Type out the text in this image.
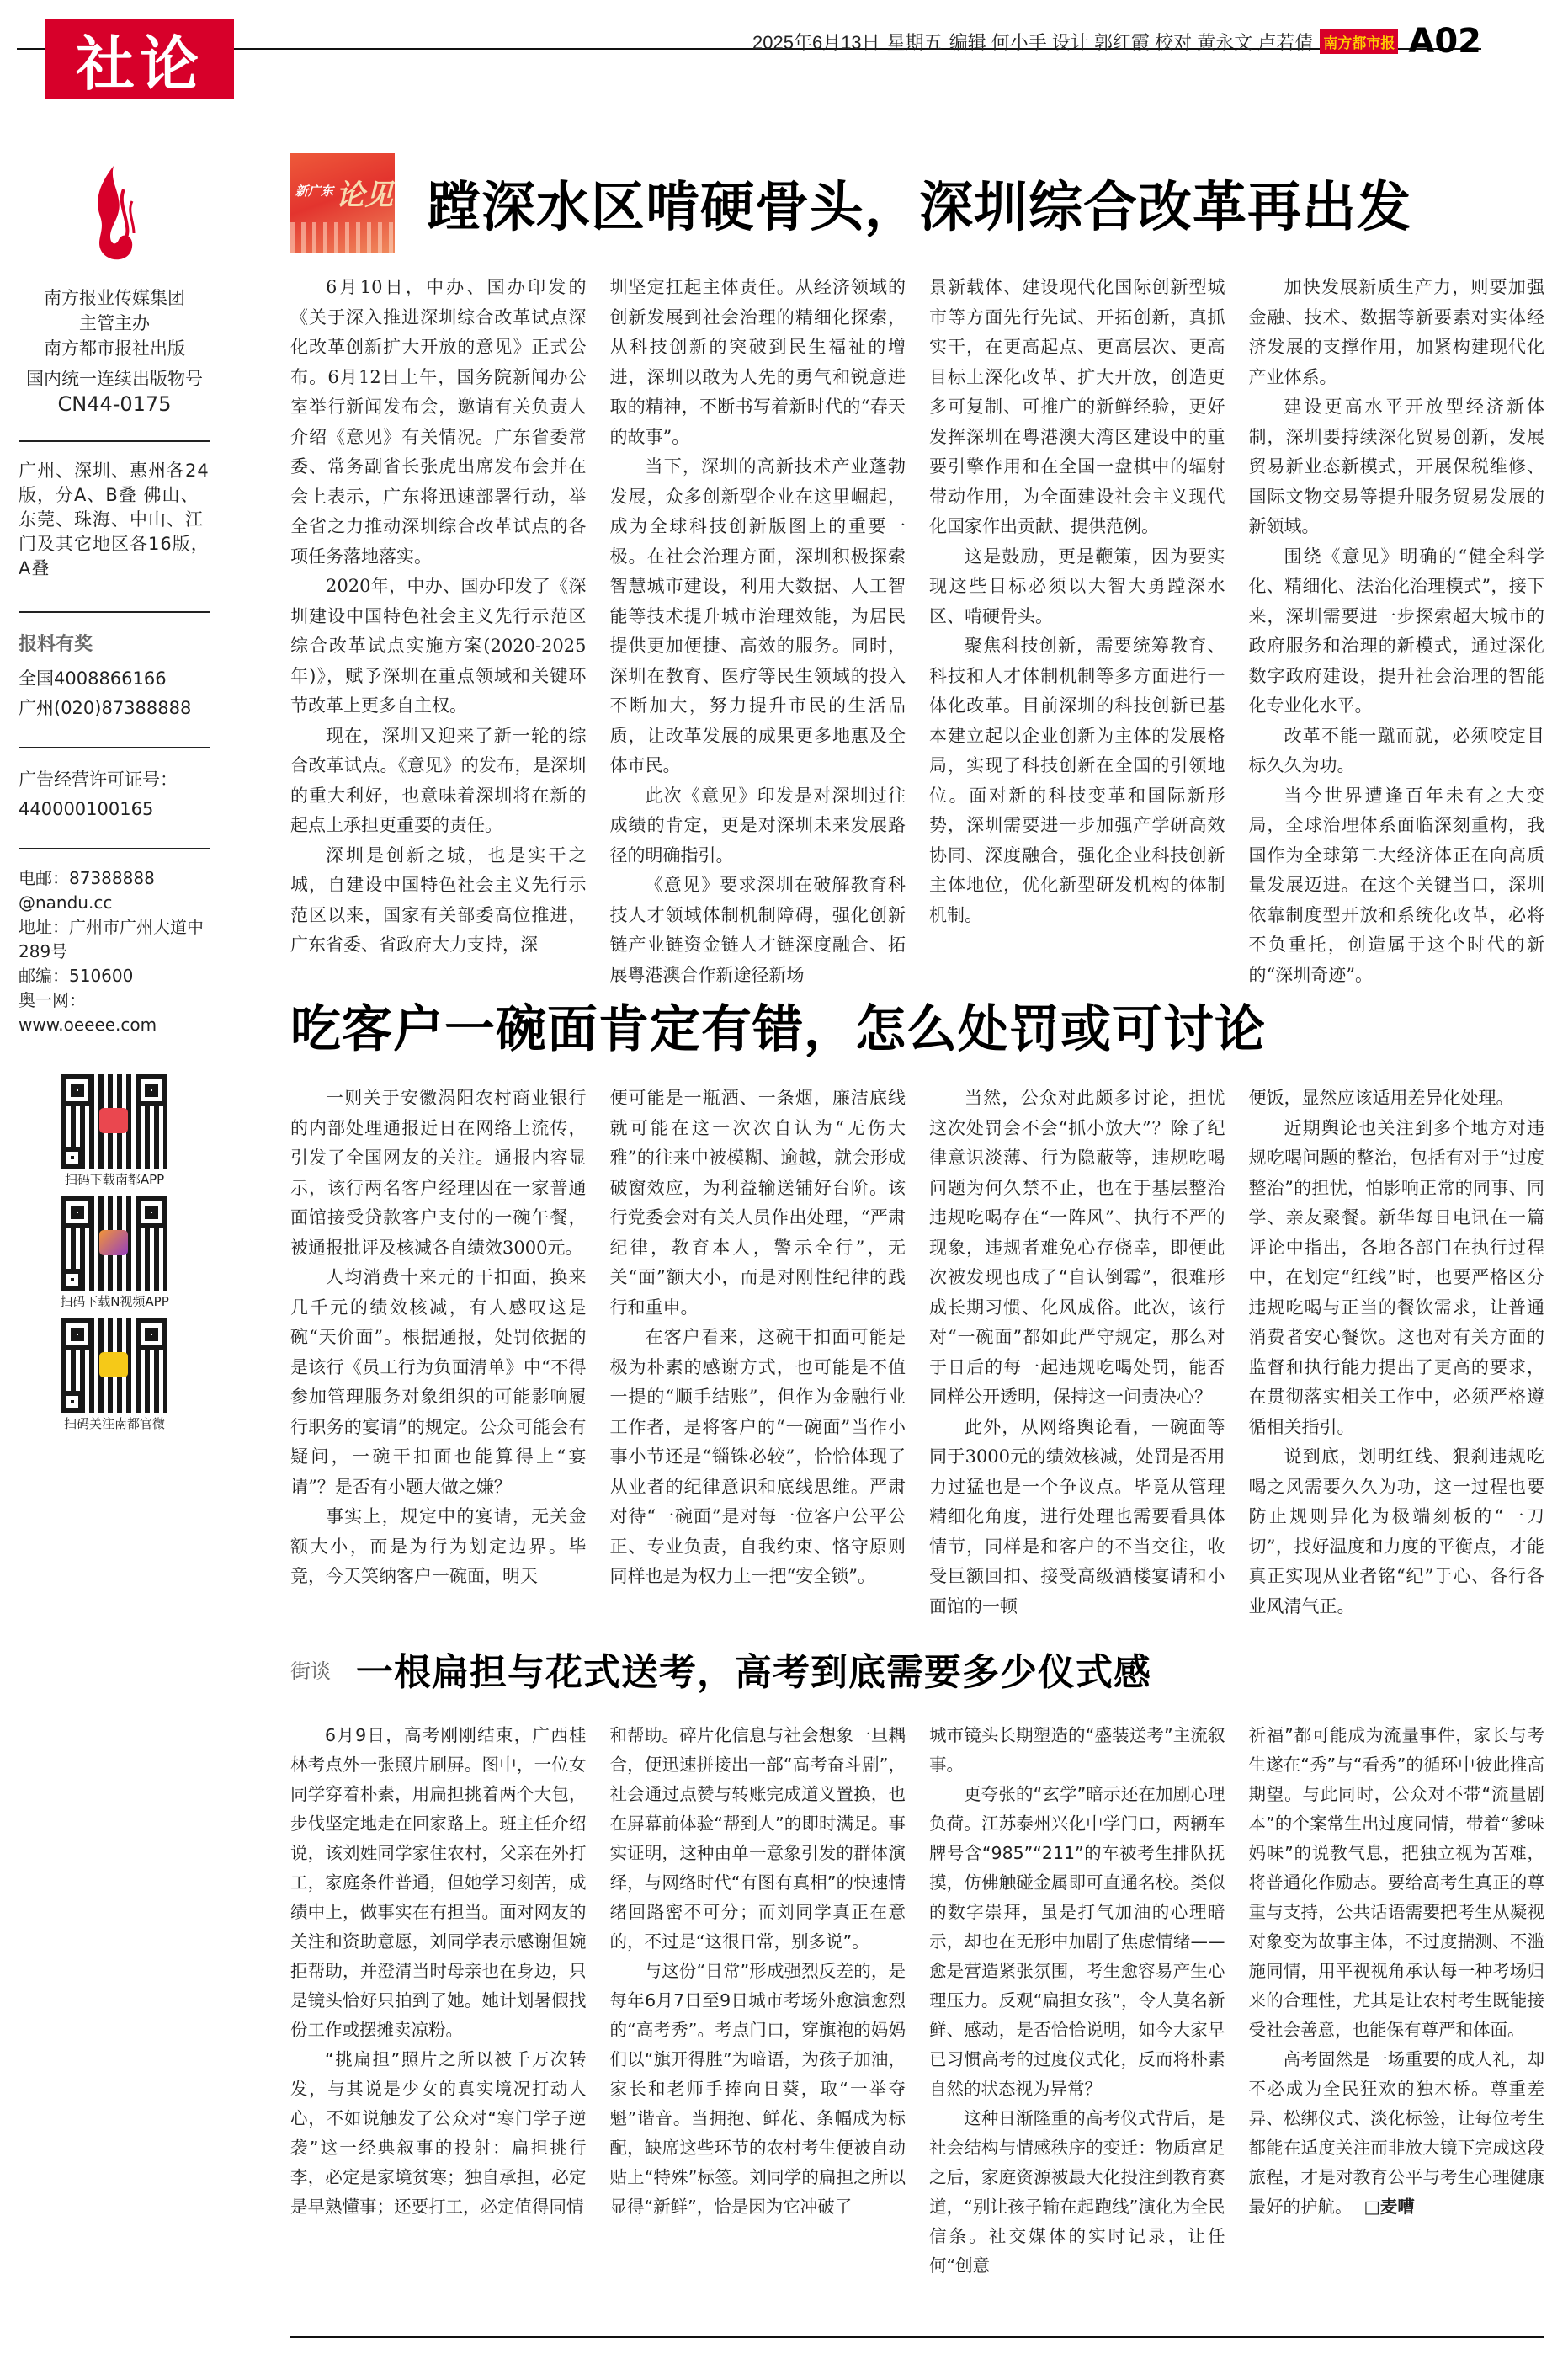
社论	2025年6月13日 星期五 编辑 何小手 设计 郭红霞 校对 黄永文 卢若倩 南方都市报 A02
南方报业传媒集团
主管主办
南方都市报社出版
国内统一连续出版物号
CN44-0175
广州、深圳、惠州各24版，分A、B叠 佛山、东莞、珠海、中山、江门及其它地区各16版，A叠
报料有奖
全国4008866166
广州(020)87388888
广告经营许可证号：
440000100165
电邮：87388888
@nandu.cc
地址：广州市广州大道中289号
邮编：510600
奥一网：
www.oeeee.com
扫码下载南都APP
扫码下载N视频APP
扫码关注南都官微
新广东 论见 蹚深水区啃硬骨头，深圳综合改革再出发

6月10日，中办、国办印发的《关于深入推进深圳综合改革试点深化改革创新扩大开放的意见》正式公布。6月12日上午，国务院新闻办公室举行新闻发布会，邀请有关负责人介绍《意见》有关情况。广东省委常委、常务副省长张虎出席发布会并在会上表示，广东将迅速部署行动，举全省之力推动深圳综合改革试点的各项任务落地落实。

2020年，中办、国办印发了《深圳建设中国特色社会主义先行示范区综合改革试点实施方案(2020-2025年)》，赋予深圳在重点领域和关键环节改革上更多自主权。

现在，深圳又迎来了新一轮的综合改革试点。《意见》的发布，是深圳的重大利好，也意味着深圳将在新的起点上承担更重要的责任。

深圳是创新之城，也是实干之城，自建设中国特色社会主义先行示范区以来，国家有关部委高位推进，广东省委、省政府大力支持，深

圳坚定扛起主体责任。从经济领域的创新发展到社会治理的精细化探索，从科技创新的突破到民生福祉的增进，深圳以敢为人先的勇气和锐意进取的精神，不断书写着新时代的“春天的故事”。

当下，深圳的高新技术产业蓬勃发展，众多创新型企业在这里崛起，成为全球科技创新版图上的重要一极。在社会治理方面，深圳积极探索智慧城市建设，利用大数据、人工智能等技术提升城市治理效能，为居民提供更加便捷、高效的服务。同时，深圳在教育、医疗等民生领域的投入不断加大，努力提升市民的生活品质，让改革发展的成果更多地惠及全体市民。

此次《意见》印发是对深圳过往成绩的肯定，更是对深圳未来发展路径的明确指引。

《意见》要求深圳在破解教育科技人才领域体制机制障碍，强化创新链产业链资金链人才链深度融合、拓展粤港澳合作新途径新场

景新载体、建设现代化国际创新型城市等方面先行先试、开拓创新，真抓实干，在更高起点、更高层次、更高目标上深化改革、扩大开放，创造更多可复制、可推广的新鲜经验，更好发挥深圳在粤港澳大湾区建设中的重要引擎作用和在全国一盘棋中的辐射带动作用，为全面建设社会主义现代化国家作出贡献、提供范例。

这是鼓励，更是鞭策，因为要实现这些目标必须以大智大勇蹚深水区、啃硬骨头。

聚焦科技创新，需要统筹教育、科技和人才体制机制等多方面进行一体化改革。目前深圳的科技创新已基本建立起以企业创新为主体的发展格局，实现了科技创新在全国的引领地位。面对新的科技变革和国际新形势，深圳需要进一步加强产学研高效协同、深度融合，强化企业科技创新主体地位，优化新型研发机构的体制机制。

加快发展新质生产力，则要加强金融、技术、数据等新要素对实体经济发展的支撑作用，加紧构建现代化产业体系。

建设更高水平开放型经济新体制，深圳要持续深化贸易创新，发展贸易新业态新模式，开展保税维修、国际文物交易等提升服务贸易发展的新领域。

围绕《意见》明确的“健全科学化、精细化、法治化治理模式”，接下来，深圳需要进一步探索超大城市的政府服务和治理的新模式，通过深化数字政府建设，提升社会治理的智能化专业化水平。

改革不能一蹴而就，必须咬定目标久久为功。

当今世界遭逢百年未有之大变局，全球治理体系面临深刻重构，我国作为全球第二大经济体正在向高质量发展迈进。在这个关键当口，深圳依靠制度型开放和系统化改革，必将不负重托，创造属于这个时代的新的“深圳奇迹”。

吃客户一碗面肯定有错，怎么处罚或可讨论

一则关于安徽涡阳农村商业银行的内部处理通报近日在网络上流传，引发了全国网友的关注。通报内容显示，该行两名客户经理因在一家普通面馆接受贷款客户支付的一碗午餐，被通报批评及核减各自绩效3000元。

人均消费十来元的干扣面，换来几千元的绩效核减，有人感叹这是碗“天价面”。根据通报，处罚依据的是该行《员工行为负面清单》中“不得参加管理服务对象组织的可能影响履行职务的宴请”的规定。公众可能会有疑问，一碗干扣面也能算得上“宴请”？是否有小题大做之嫌？

事实上，规定中的宴请，无关金额大小，而是为行为划定边界。毕竟，今天笑纳客户一碗面，明天

便可能是一瓶酒、一条烟，廉洁底线就可能在这一次次自认为“无伤大雅”的往来中被模糊、逾越，就会形成破窗效应，为利益输送铺好台阶。该行党委会对有关人员作出处理，“严肃纪律，教育本人，警示全行”，无关“面”额大小，而是对刚性纪律的践行和重申。

在客户看来，这碗干扣面可能是极为朴素的感谢方式，也可能是不值一提的“顺手结账”，但作为金融行业工作者，是将客户的“一碗面”当作小事小节还是“锱铢必较”，恰恰体现了从业者的纪律意识和底线思维。严肃对待“一碗面”是对每一位客户公平公正、专业负责，自我约束、恪守原则同样也是为权力上一把“安全锁”。

当然，公众对此颇多讨论，担忧这次处罚会不会“抓小放大”？除了纪律意识淡薄、行为隐蔽等，违规吃喝问题为何久禁不止，也在于基层整治违规吃喝存在“一阵风”、执行不严的现象，违规者难免心存侥幸，即便此次被发现也成了“自认倒霉”，很难形成长期习惯、化风成俗。此次，该行对“一碗面”都如此严守规定，那么对于日后的每一起违规吃喝处罚，能否同样公开透明，保持这一问责决心？

此外，从网络舆论看，一碗面等同于3000元的绩效核减，处罚是否用力过猛也是一个争议点。毕竟从管理精细化角度，进行处理也需要看具体情节，同样是和客户的不当交往，收受巨额回扣、接受高级酒楼宴请和小面馆的一顿

便饭，显然应该适用差异化处理。

近期舆论也关注到多个地方对违规吃喝问题的整治，包括有对于“过度整治”的担忧，怕影响正常的同事、同学、亲友聚餐。新华每日电讯在一篇评论中指出，各地各部门在执行过程中，在划定“红线”时，也要严格区分违规吃喝与正当的餐饮需求，让普通消费者安心餐饮。这也对有关方面的监督和执行能力提出了更高的要求，在贯彻落实相关工作中，必须严格遵循相关指引。

说到底，划明红线、狠刹违规吃喝之风需要久久为功，这一过程也要防止规则异化为极端刻板的“一刀切”，找好温度和力度的平衡点，才能真正实现从业者铭“纪”于心、各行各业风清气正。

街谈 一根扁担与花式送考，高考到底需要多少仪式感

6月9日，高考刚刚结束，广西桂林考点外一张照片刷屏。图中，一位女同学穿着朴素，用扁担挑着两个大包，步伐坚定地走在回家路上。班主任介绍说，该刘姓同学家住农村，父亲在外打工，家庭条件普通，但她学习刻苦，成绩中上，做事实在有担当。面对网友的关注和资助意愿，刘同学表示感谢但婉拒帮助，并澄清当时母亲也在身边，只是镜头恰好只拍到了她。她计划暑假找份工作或摆摊卖凉粉。

“挑扁担”照片之所以被千万次转发，与其说是少女的真实境况打动人心，不如说触发了公众对“寒门学子逆袭”这一经典叙事的投射：扁担挑行李，必定是家境贫寒；独自承担，必定是早熟懂事；还要打工，必定值得同情

和帮助。碎片化信息与社会想象一旦耦合，便迅速拼接出一部“高考奋斗剧”，社会通过点赞与转账完成道义置换，也在屏幕前体验“帮到人”的即时满足。事实证明，这种由单一意象引发的群体演绎，与网络时代“有图有真相”的快速情绪回路密不可分；而刘同学真正在意的，不过是“这很日常，别多说”。

与这份“日常”形成强烈反差的，是每年6月7日至9日城市考场外愈演愈烈的“高考秀”。考点门口，穿旗袍的妈妈们以“旗开得胜”为暗语，为孩子加油，家长和老师手捧向日葵，取“一举夺魁”谐音。当拥抱、鲜花、条幅成为标配，缺席这些环节的农村考生便被自动贴上“特殊”标签。刘同学的扁担之所以显得“新鲜”，恰是因为它冲破了

城市镜头长期塑造的“盛装送考”主流叙事。

更夸张的“玄学”暗示还在加剧心理负荷。江苏泰州兴化中学门口，两辆车牌号含“985”“211”的车被考生排队抚摸，仿佛触碰金属即可直通名校。类似的数字崇拜，虽是打气加油的心理暗示，却也在无形中加剧了焦虑情绪——愈是营造紧张氛围，考生愈容易产生心理压力。反观“扁担女孩”，令人莫名新鲜、感动，是否恰恰说明，如今大家早已习惯高考的过度仪式化，反而将朴素自然的状态视为异常？

这种日渐隆重的高考仪式背后，是社会结构与情感秩序的变迁：物质富足之后，家庭资源被最大化投注到教育赛道，“别让孩子输在起跑线”演化为全民信条。社交媒体的实时记录，让任何“创意

祈福”都可能成为流量事件，家长与考生遂在“秀”与“看秀”的循环中彼此推高期望。与此同时，公众对不带“流量剧本”的个案常生出过度同情，带着“爹味妈味”的说教气息，把独立视为苦难，将普通化作励志。要给高考生真正的尊重与支持，公共话语需要把考生从凝视对象变为故事主体，不过度揣测、不滥施同情，用平视视角承认每一种考场归来的合理性，尤其是让农村考生既能接受社会善意，也能保有尊严和体面。

高考固然是一场重要的成人礼，却不必成为全民狂欢的独木桥。尊重差异、松绑仪式、淡化标签，让每位考生都能在适度关注而非放大镜下完成这段旅程，才是对教育公平与考生心理健康最好的护航。 □麦嘈
